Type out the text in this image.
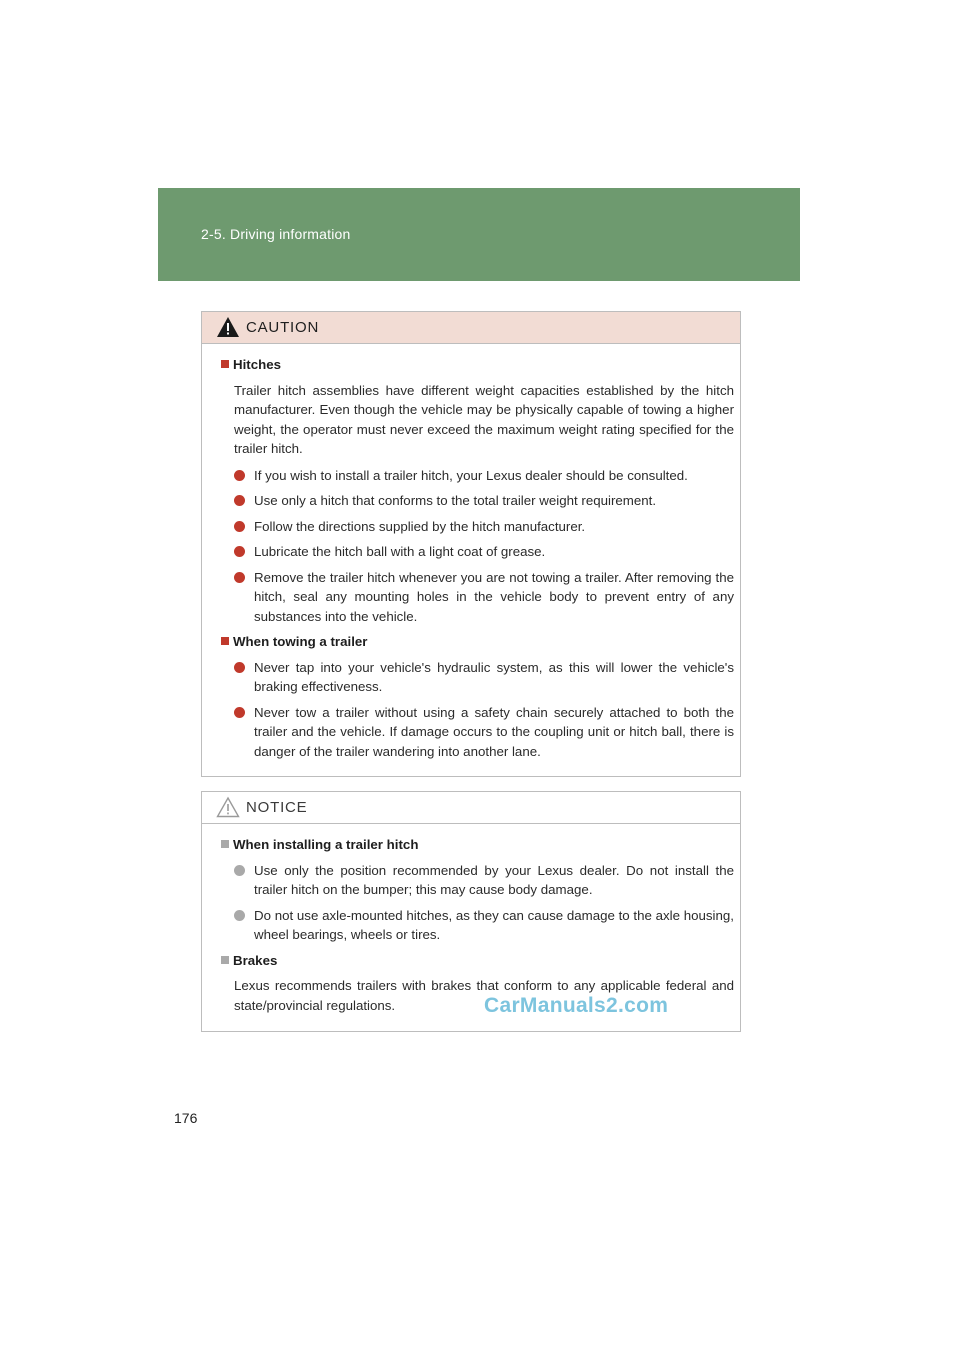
2-5. Driving information
CAUTION
Hitches
Trailer hitch assemblies have different weight capacities established by the hitch manufacturer. Even though the vehicle may be physically capable of towing a higher weight, the operator must never exceed the maximum weight rating specified for the trailer hitch.
If you wish to install a trailer hitch, your Lexus dealer should be consulted.
Use only a hitch that conforms to the total trailer weight requirement.
Follow the directions supplied by the hitch manufacturer.
Lubricate the hitch ball with a light coat of grease.
Remove the trailer hitch whenever you are not towing a trailer. After removing the hitch, seal any mounting holes in the vehicle body to prevent entry of any substances into the vehicle.
When towing a trailer
Never tap into your vehicle's hydraulic system, as this will lower the vehicle's braking effectiveness.
Never tow a trailer without using a safety chain securely attached to both the trailer and the vehicle. If damage occurs to the coupling unit or hitch ball, there is danger of the trailer wandering into another lane.
NOTICE
When installing a trailer hitch
Use only the position recommended by your Lexus dealer. Do not install the trailer hitch on the bumper; this may cause body damage.
Do not use axle-mounted hitches, as they can cause damage to the axle housing, wheel bearings, wheels or tires.
Brakes
Lexus recommends trailers with brakes that conform to any applicable federal and state/provincial regulations.	CarManuals2.com
176
